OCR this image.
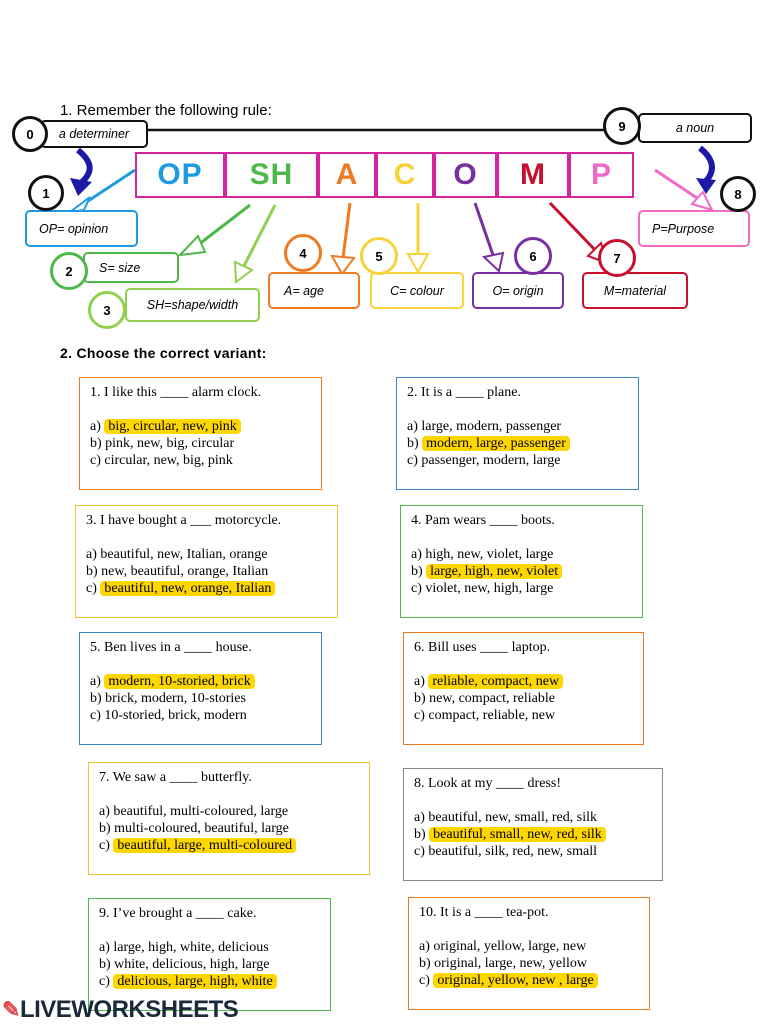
1. Remember the following rule:
2. Choose the correct variant:
OP SH A C O M P
a determiner	a noun
OP= opinion
S= size
SH=shape/width
A= age	C= colour	O= origin	M=material
P=Purpose
0
1
2
3
4	5	6	7
8
9
1. I like this ____ alarm clock.
a) big, circular, new, pink
b) pink, new, big, circular
c) circular, new, big, pink
2. It is a ____ plane.
a) large, modern, passenger
b) modern, large, passenger
c) passenger, modern, large
3. I have bought a ___ motorcycle.
a) beautiful, new, Italian, orange
b) new, beautiful, orange, Italian
c) beautiful, new, orange, Italian
4. Pam wears ____ boots.
a) high, new, violet, large
b) large, high, new, violet
c) violet, new, high, large
5. Ben lives in a ____ house.
a) modern, 10-storied, brick
b) brick, modern, 10-stories
c) 10-storied, brick, modern
6. Bill uses ____ laptop.
a) reliable, compact, new
b) new, compact, reliable
c) compact, reliable, new
7. We saw a ____ butterfly.
a) beautiful, multi-coloured, large
b) multi-coloured, beautiful, large
c) beautiful, large, multi-coloured
8. Look at my ____ dress!
a) beautiful, new, small, red, silk
b) beautiful, small, new, red, silk
c) beautiful, silk, red, new, small
9. I’ve brought a ____ cake.
a) large, high, white, delicious
b) white, delicious, high, large
c) delicious, large, high, white
10. It is a ____ tea-pot.
a) original, yellow, large, new
b) original, large, new, yellow
c) original, yellow, new , large
✎LIVEWORKSHEETS
